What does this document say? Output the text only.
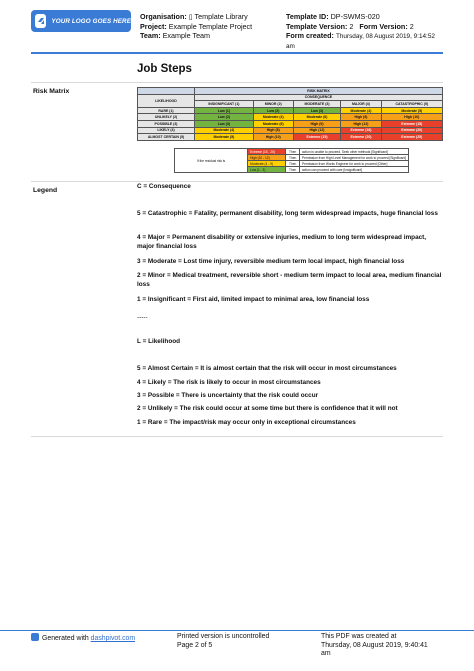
YOUR LOGO GOES HERE Organisation: ▯ Template Library
Project: Example Template Project
Team: Example Team
Template ID: DP-SWMS-020
Template Version: 2 Form Version: 2
Form created: Thursday, 08 August 2019, 9:14:52
am
Job Steps
Risk Matrix
		RISK MATRIX				
LIKELIHOOD	CONSEQUENCE				
	INSIGNIFICANT (1)	MINOR (2)	MODERATE (3)	MAJOR (4)	CATASTROPHIC (5)
RARE (1)	Low (1)	Low (2)	Low (3)	Moderate (4)	Moderate (5)
UNLIKELY (2)	Low (2)	Moderate (4)	Moderate (6)	High (8)	High (10)
POSSIBLE (3)	Low (3)	Moderate (6)	High (9)	High (12)	Extreme (15)
LIKELY (4)	Moderate (4)	High (8)	High (12)	Extreme (16)	Extreme (20)
ALMOST CERTAIN (5)	Moderate (5)	High (10)	Extreme (15)	Extreme (20)	Extreme (25)
If the residual risk is	Extreme (15 - 25)	Then	action is unable to proceed. Seek other methods [Significant]
	High (10 - 12)	Then	Permission from High Level Management for work to proceed [Significant]
	Moderate (4 - 9)	Then	Permission from Works Engineer for work to proceed [Other]
	Low (1 - 3)	Then	action can proceed with care [Insignificant]
Legend

C = Consequence

5 = Catastrophic = Fatality, permanent disability, long term widespread impacts, huge financial loss

4 = Major = Permanent disability or extensive injuries, medium to long term widespread impact, major financial loss

3 = Moderate = Lost time injury, reversible medium term local impact, high financial loss

2 = Minor = Medical treatment, reversible short - medium term impact to local area, medium financial loss

1 = Insignificant = First aid, limited impact to minimal area, low financial loss

-----

L = Likelihood

5 = Almost Certain = It is almost certain that the risk will occur in most circumstances

4 = Likely = The risk is likely to occur in most circumstances

3 = Possible = There is uncertainty that the risk could occur

2 = Unlikely = The risk could occur at some time but there is confidence that it will not

1 = Rare = The impact/risk may occur only in exceptional circumstances

Generated with dashpivot.com	Printed version is uncontrolled
Page 2 of 5
This PDF was created at
Thursday, 08 August 2019, 9:40:41
am
